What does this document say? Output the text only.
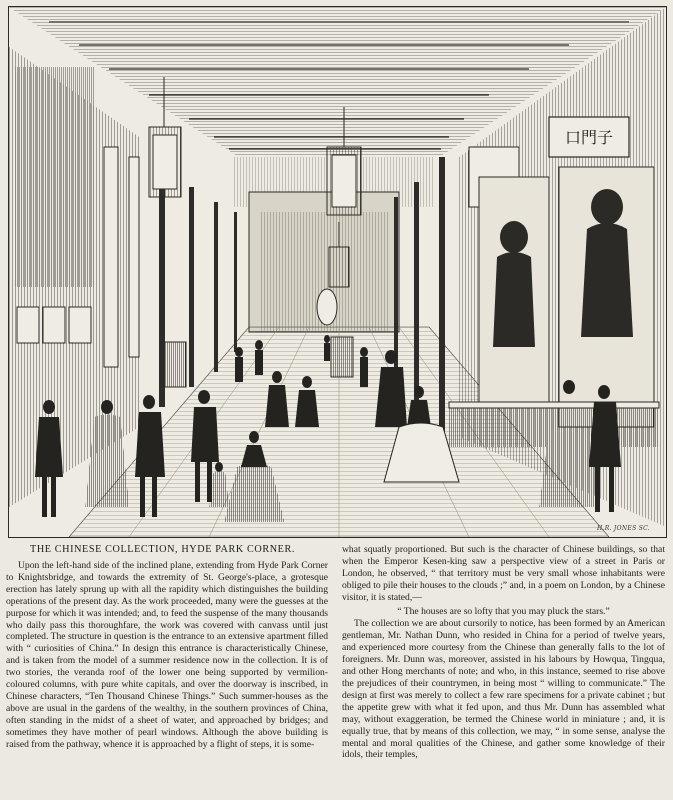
口門子
H.R. JONES SC.
THE CHINESE COLLECTION, HYDE PARK CORNER.

Upon the left-hand side of the inclined plane, extending from Hyde Park Corner to Knightsbridge, and towards the extremity of St. George's-place, a grotesque erection has lately sprung up with all the rapidity which distinguishes the building operations of the present day. As the work proceeded, many were the guesses at the purpose for which it was intended; and, to feed the suspense of the many thousands who daily pass this thoroughfare, the work was covered with canvass until just completed. The structure in question is the entrance to an extensive apartment filled with “ curiosities of China.” In design this entrance is characteristically Chinese, and is taken from the model of a summer residence now in the collection. It is of two stories, the veranda roof of the lower one being supported by vermilion-coloured columns, with pure white capitals, and over the doorway is inscribed, in Chinese characters, “Ten Thousand Chinese Things.” Such summer-houses as the above are usual in the gardens of the wealthy, in the southern provinces of China, often standing in the midst of a sheet of water, and approached by bridges; and sometimes they have mother of pearl windows. Although the above building is raised from the pathway, whence it is approached by a flight of steps, it is some-

what squatly proportioned. But such is the character of Chinese buildings, so that when the Emperor Kesen-king saw a perspective view of a street in Paris or London, he observed, “ that territory must be very small whose inhabitants were obliged to pile their houses to the clouds ;” and, in a poem on London, by a Chinese visitor, it is stated,—

“ The houses are so lofty that you may pluck the stars.”

The collection we are about cursorily to notice, has been formed by an American gentleman, Mr. Nathan Dunn, who resided in China for a period of twelve years, and experienced more courtesy from the Chinese than generally falls to the lot of foreigners. Mr. Dunn was, moreover, assisted in his labours by Howqua, Tingqua, and other Hong merchants of note; and who, in this instance, seemed to rise above the prejudices of their countrymen, in being most “ willing to communicate.” The design at first was merely to collect a few rare specimens for a private cabinet ; but the appetite grew with what it fed upon, and thus Mr. Dunn has assembled what may, without exaggeration, be termed the Chinese world in miniature ; and, it is equally true, that by means of this collection, we may, “ in some sense, analyse the mental and moral qualities of the Chinese, and gather some knowledge of their idols, their temples,
